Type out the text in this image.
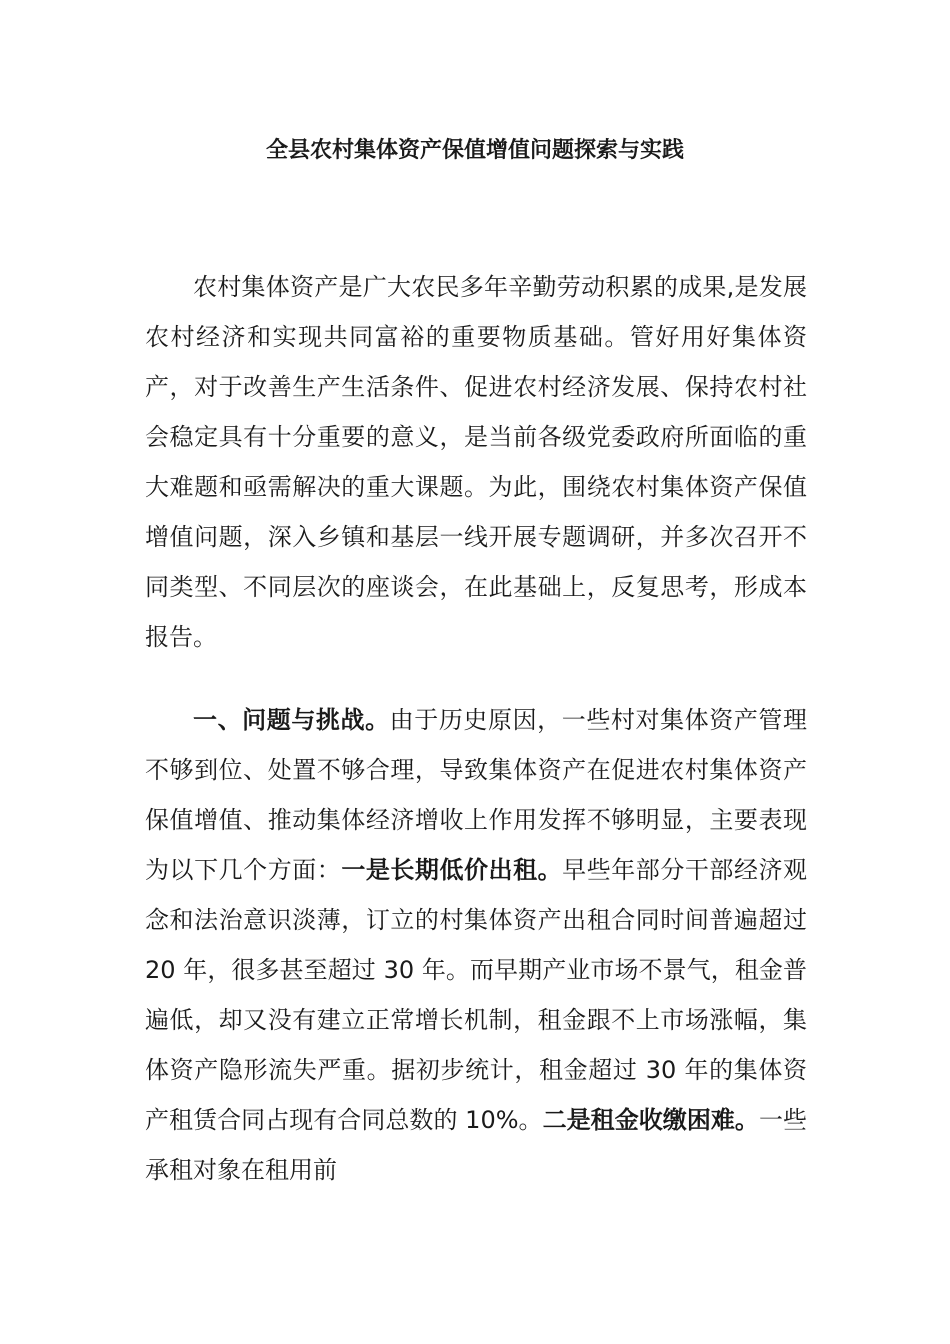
全县农村集体资产保值增值问题探索与实践

农村集体资产是广大农民多年辛勤劳动积累的成果,是发展农村经济和实现共同富裕的重要物质基础。管好用好集体资产，对于改善生产生活条件、促进农村经济发展、保持农村社会稳定具有十分重要的意义，是当前各级党委政府所面临的重大难题和亟需解决的重大课题。为此，围绕农村集体资产保值增值问题，深入乡镇和基层一线开展专题调研，并多次召开不同类型、不同层次的座谈会，在此基础上，反复思考，形成本报告。

一、问题与挑战。由于历史原因，一些村对集体资产管理不够到位、处置不够合理，导致集体资产在促进农村集体资产保值增值、推动集体经济增收上作用发挥不够明显，主要表现为以下几个方面：一是长期低价出租。早些年部分干部经济观念和法治意识淡薄，订立的村集体资产出租合同时间普遍超过 20 年，很多甚至超过 30 年。而早期产业市场不景气，租金普遍低，却又没有建立正常增长机制，租金跟不上市场涨幅，集体资产隐形流失严重。据初步统计，租金超过 30 年的集体资产租赁合同占现有合同总数的 10%。二是租金收缴困难。一些承租对象在租用前
